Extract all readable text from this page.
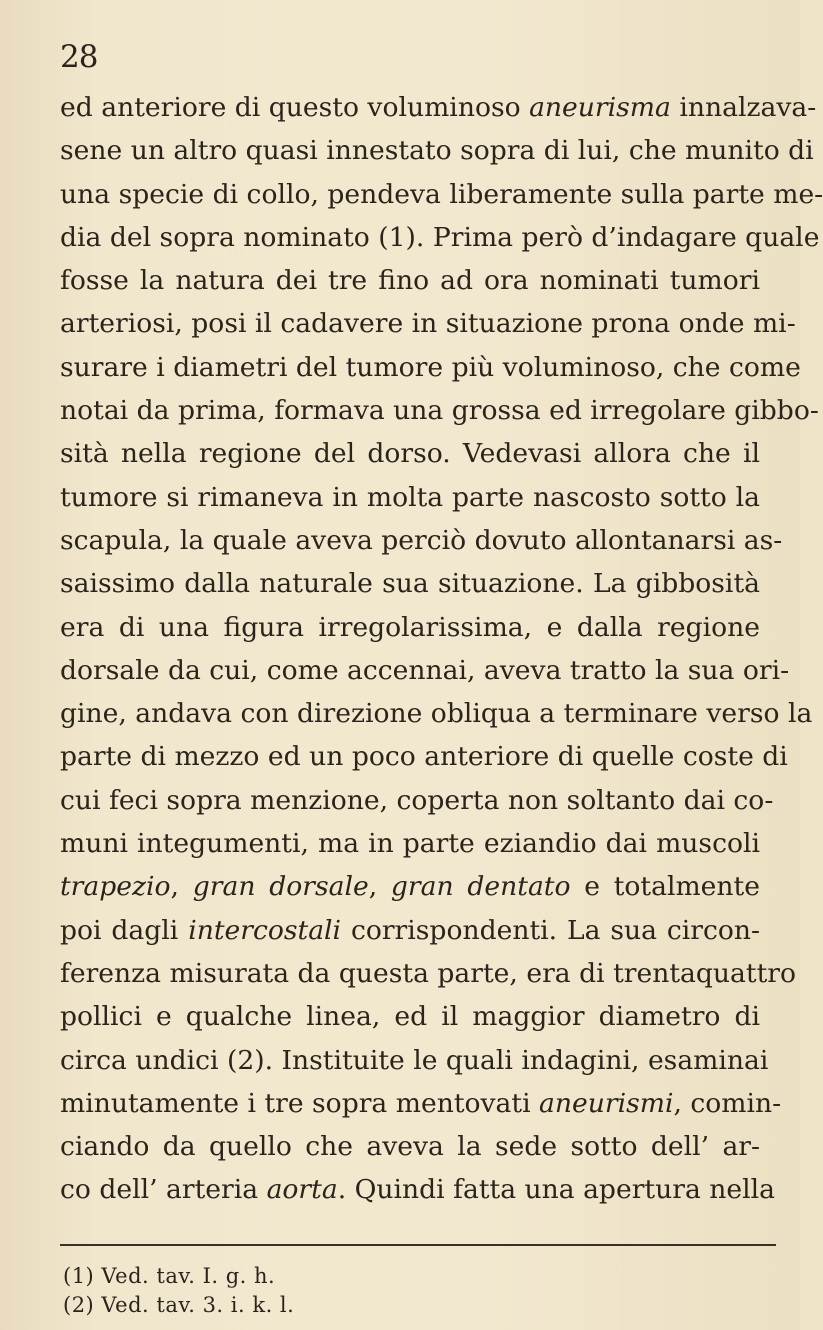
28
ed anteriore di questo voluminoso aneurisma innalzava-
sene un altro quasi innestato sopra di lui, che munito di
una specie di collo, pendeva liberamente sulla parte me-
dia del sopra nominato (1). Prima però d’indagare quale
fosse la natura dei tre fino ad ora nominati tumori
arteriosi, posi il cadavere in situazione prona onde mi-
surare i diametri del tumore più voluminoso, che come
notai da prima, formava una grossa ed irregolare gibbo-
sità nella regione del dorso. Vedevasi allora che il
tumore si rimaneva in molta parte nascosto sotto la
scapula, la quale aveva perciò dovuto allontanarsi as-
saissimo dalla naturale sua situazione. La gibbosità
era di una figura irregolarissima, e dalla regione
dorsale da cui, come accennai, aveva tratto la sua ori-
gine, andava con direzione obliqua a terminare verso la
parte di mezzo ed un poco anteriore di quelle coste di
cui feci sopra menzione, coperta non soltanto dai co-
muni integumenti, ma in parte eziandio dai muscoli
trapezio, gran dorsale, gran dentato e totalmente
poi dagli intercostali corrispondenti. La sua circon-
ferenza misurata da questa parte, era di trentaquattro
pollici e qualche linea, ed il maggior diametro di
circa undici (2). Instituite le quali indagini, esaminai
minutamente i tre sopra mentovati aneurismi, comin-
ciando da quello che aveva la sede sotto dell’ ar-
co dell’ arteria aorta. Quindi fatta una apertura nella
(1) Ved. tav. I. g. h.
(2) Ved. tav. 3. i. k. l.
